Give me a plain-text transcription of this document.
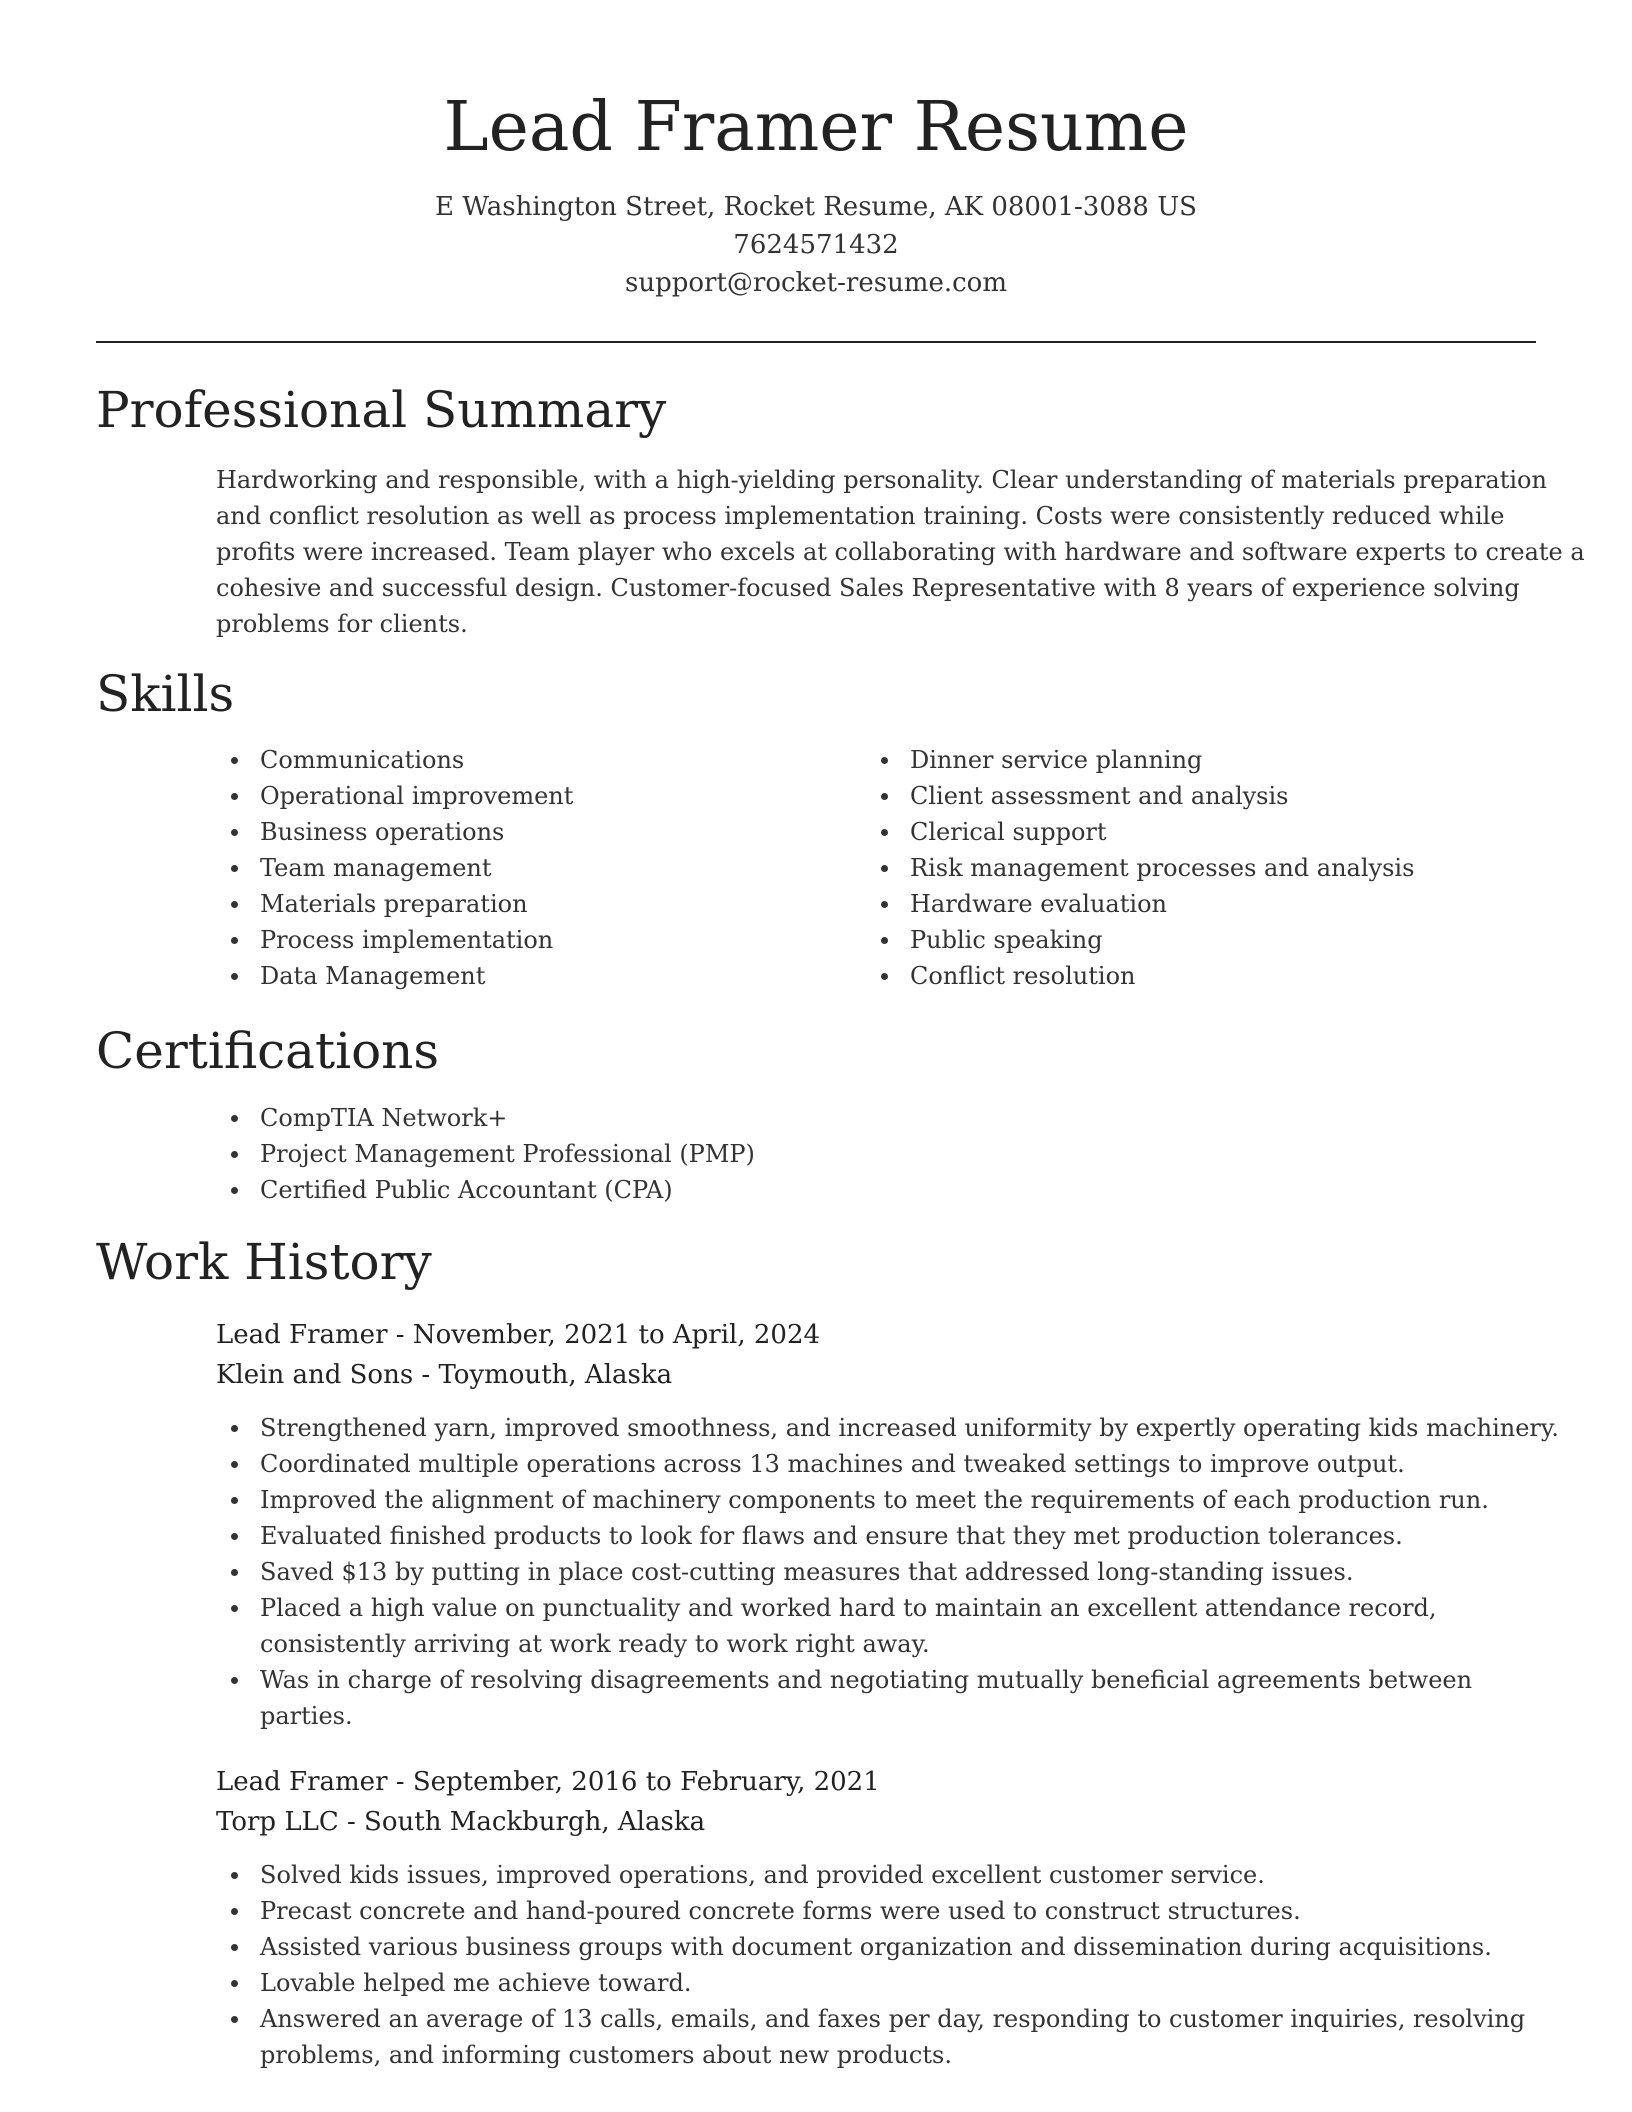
Lead Framer Resume
E Washington Street, Rocket Resume, AK 08001-3088 US
7624571432
support@rocket-resume.com
Professional Summary
Hardworking and responsible, with a high-yielding personality. Clear understanding of materials preparation
and conflict resolution as well as process implementation training. Costs were consistently reduced while
profits were increased. Team player who excels at collaborating with hardware and software experts to create a
cohesive and successful design. Customer-focused Sales Representative with 8 years of experience solving
problems for clients.
Skills
Communications
Operational improvement
Business operations
Team management
Materials preparation
Process implementation
Data Management
Dinner service planning
Client assessment and analysis
Clerical support
Risk management processes and analysis
Hardware evaluation
Public speaking
Conflict resolution
Certifications
CompTIA Network+
Project Management Professional (PMP)
Certified Public Accountant (CPA)
Work History
Lead Framer - November, 2021 to April, 2024
Klein and Sons - Toymouth, Alaska
Strengthened yarn, improved smoothness, and increased uniformity by expertly operating kids machinery.
Coordinated multiple operations across 13 machines and tweaked settings to improve output.
Improved the alignment of machinery components to meet the requirements of each production run.
Evaluated finished products to look for flaws and ensure that they met production tolerances.
Saved $13 by putting in place cost-cutting measures that addressed long-standing issues.
Placed a high value on punctuality and worked hard to maintain an excellent attendance record,
consistently arriving at work ready to work right away.
Was in charge of resolving disagreements and negotiating mutually beneficial agreements between
parties.
Lead Framer - September, 2016 to February, 2021
Torp LLC - South Mackburgh, Alaska
Solved kids issues, improved operations, and provided excellent customer service.
Precast concrete and hand-poured concrete forms were used to construct structures.
Assisted various business groups with document organization and dissemination during acquisitions.
Lovable helped me achieve toward.
Answered an average of 13 calls, emails, and faxes per day, responding to customer inquiries, resolving
problems, and informing customers about new products.
